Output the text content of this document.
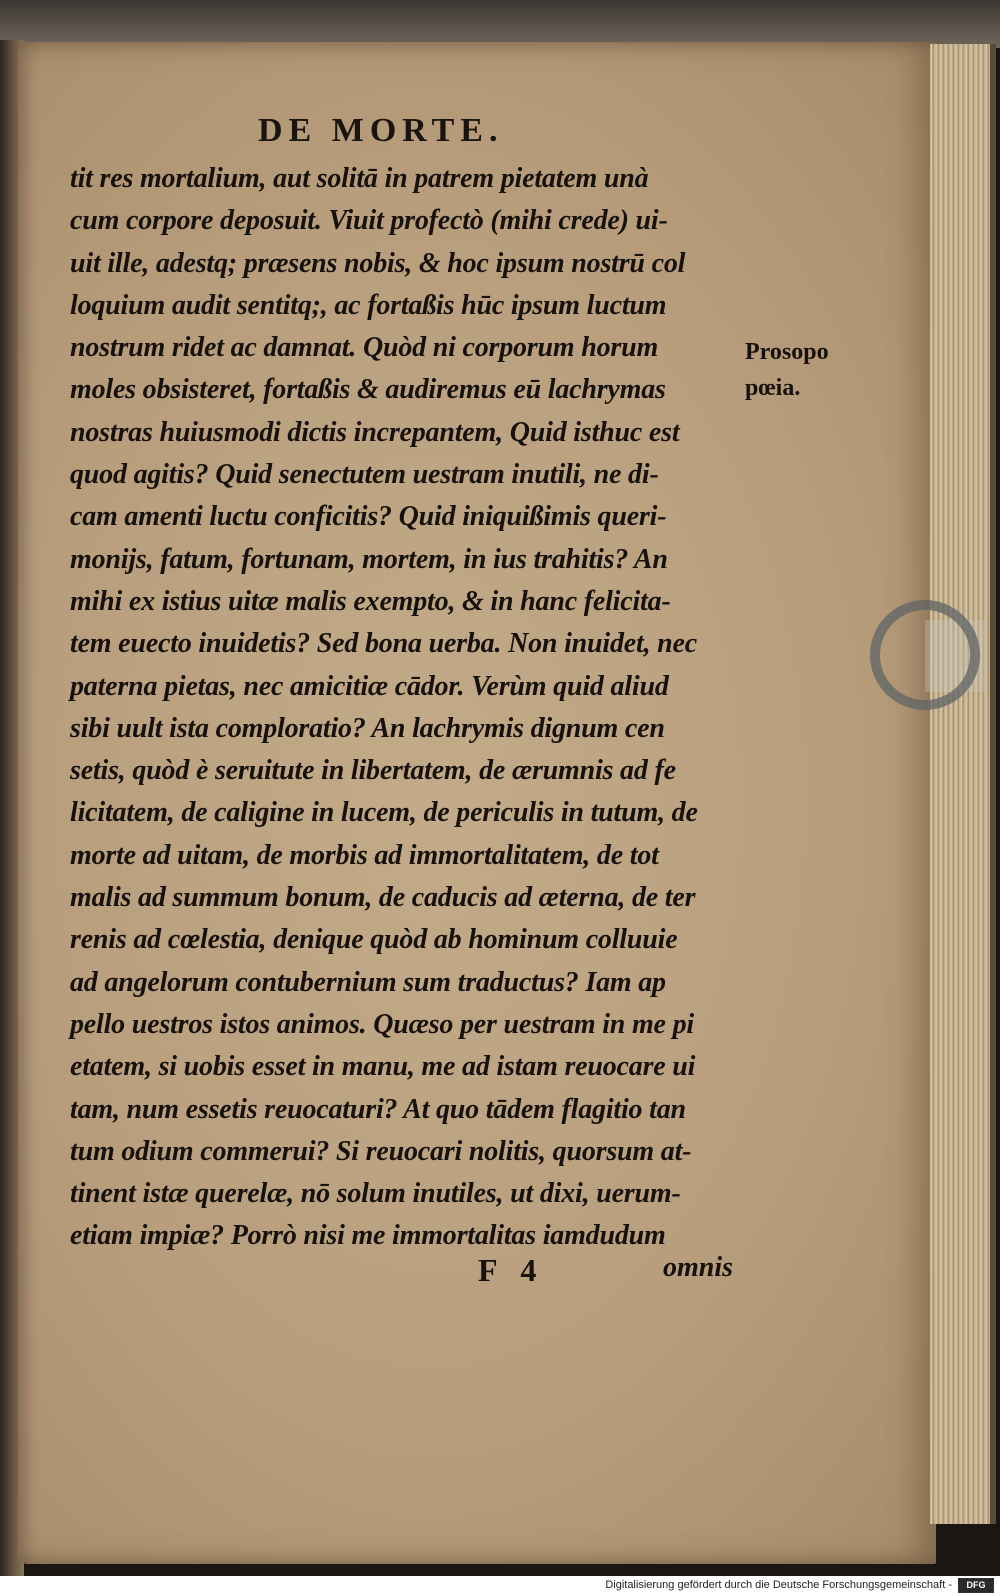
DE MORTE.
tit res mortalium, aut solitā in patrem pietatem unà
cum corpore deposuit. Viuit profectò (mihi crede) ui-
uit ille, adestq; præsens nobis, & hoc ipsum nostrū col
loquium audit sentitq;, ac fortaßis hūc ipsum luctum
nostrum ridet ac damnat. Quòd ni corporum horum
moles obsisteret, fortaßis & audiremus eū lachrymas
nostras huiusmodi dictis increpantem, Quid isthuc est
quod agitis? Quid senectutem uestram inutili, ne di-
cam amenti luctu conficitis? Quid iniquißimis queri-
monijs, fatum, fortunam, mortem, in ius trahitis? An
mihi ex istius uitæ malis exempto, & in hanc felicita-
tem euecto inuidetis? Sed bona uerba. Non inuidet, nec
paterna pietas, nec amicitiæ cādor. Verùm quid aliud
sibi uult ista comploratio? An lachrymis dignum cen
setis, quòd è seruitute in libertatem, de ærumnis ad fe
licitatem, de caligine in lucem, de periculis in tutum, de
morte ad uitam, de morbis ad immortalitatem, de tot
malis ad summum bonum, de caducis ad æterna, de ter
renis ad cœlestia, denique quòd ab hominum colluuie
ad angelorum contubernium sum traductus? Iam ap
pello uestros istos animos. Quæso per uestram in me pi
etatem, si uobis esset in manu, me ad istam reuocare ui
tam, num essetis reuocaturi? At quo tādem flagitio tan
tum odium commerui? Si reuocari nolitis, quorsum at-
tinent istæ querelæ, nō solum inutiles, ut dixi, uerum-
etiam impiæ? Porrò nisi me immortalitas iamdudum
Prosopo
pœia.
F 4	omnis
Digitalisierung gefördert durch die Deutsche Forschungsgemeinschaft -	DFG
